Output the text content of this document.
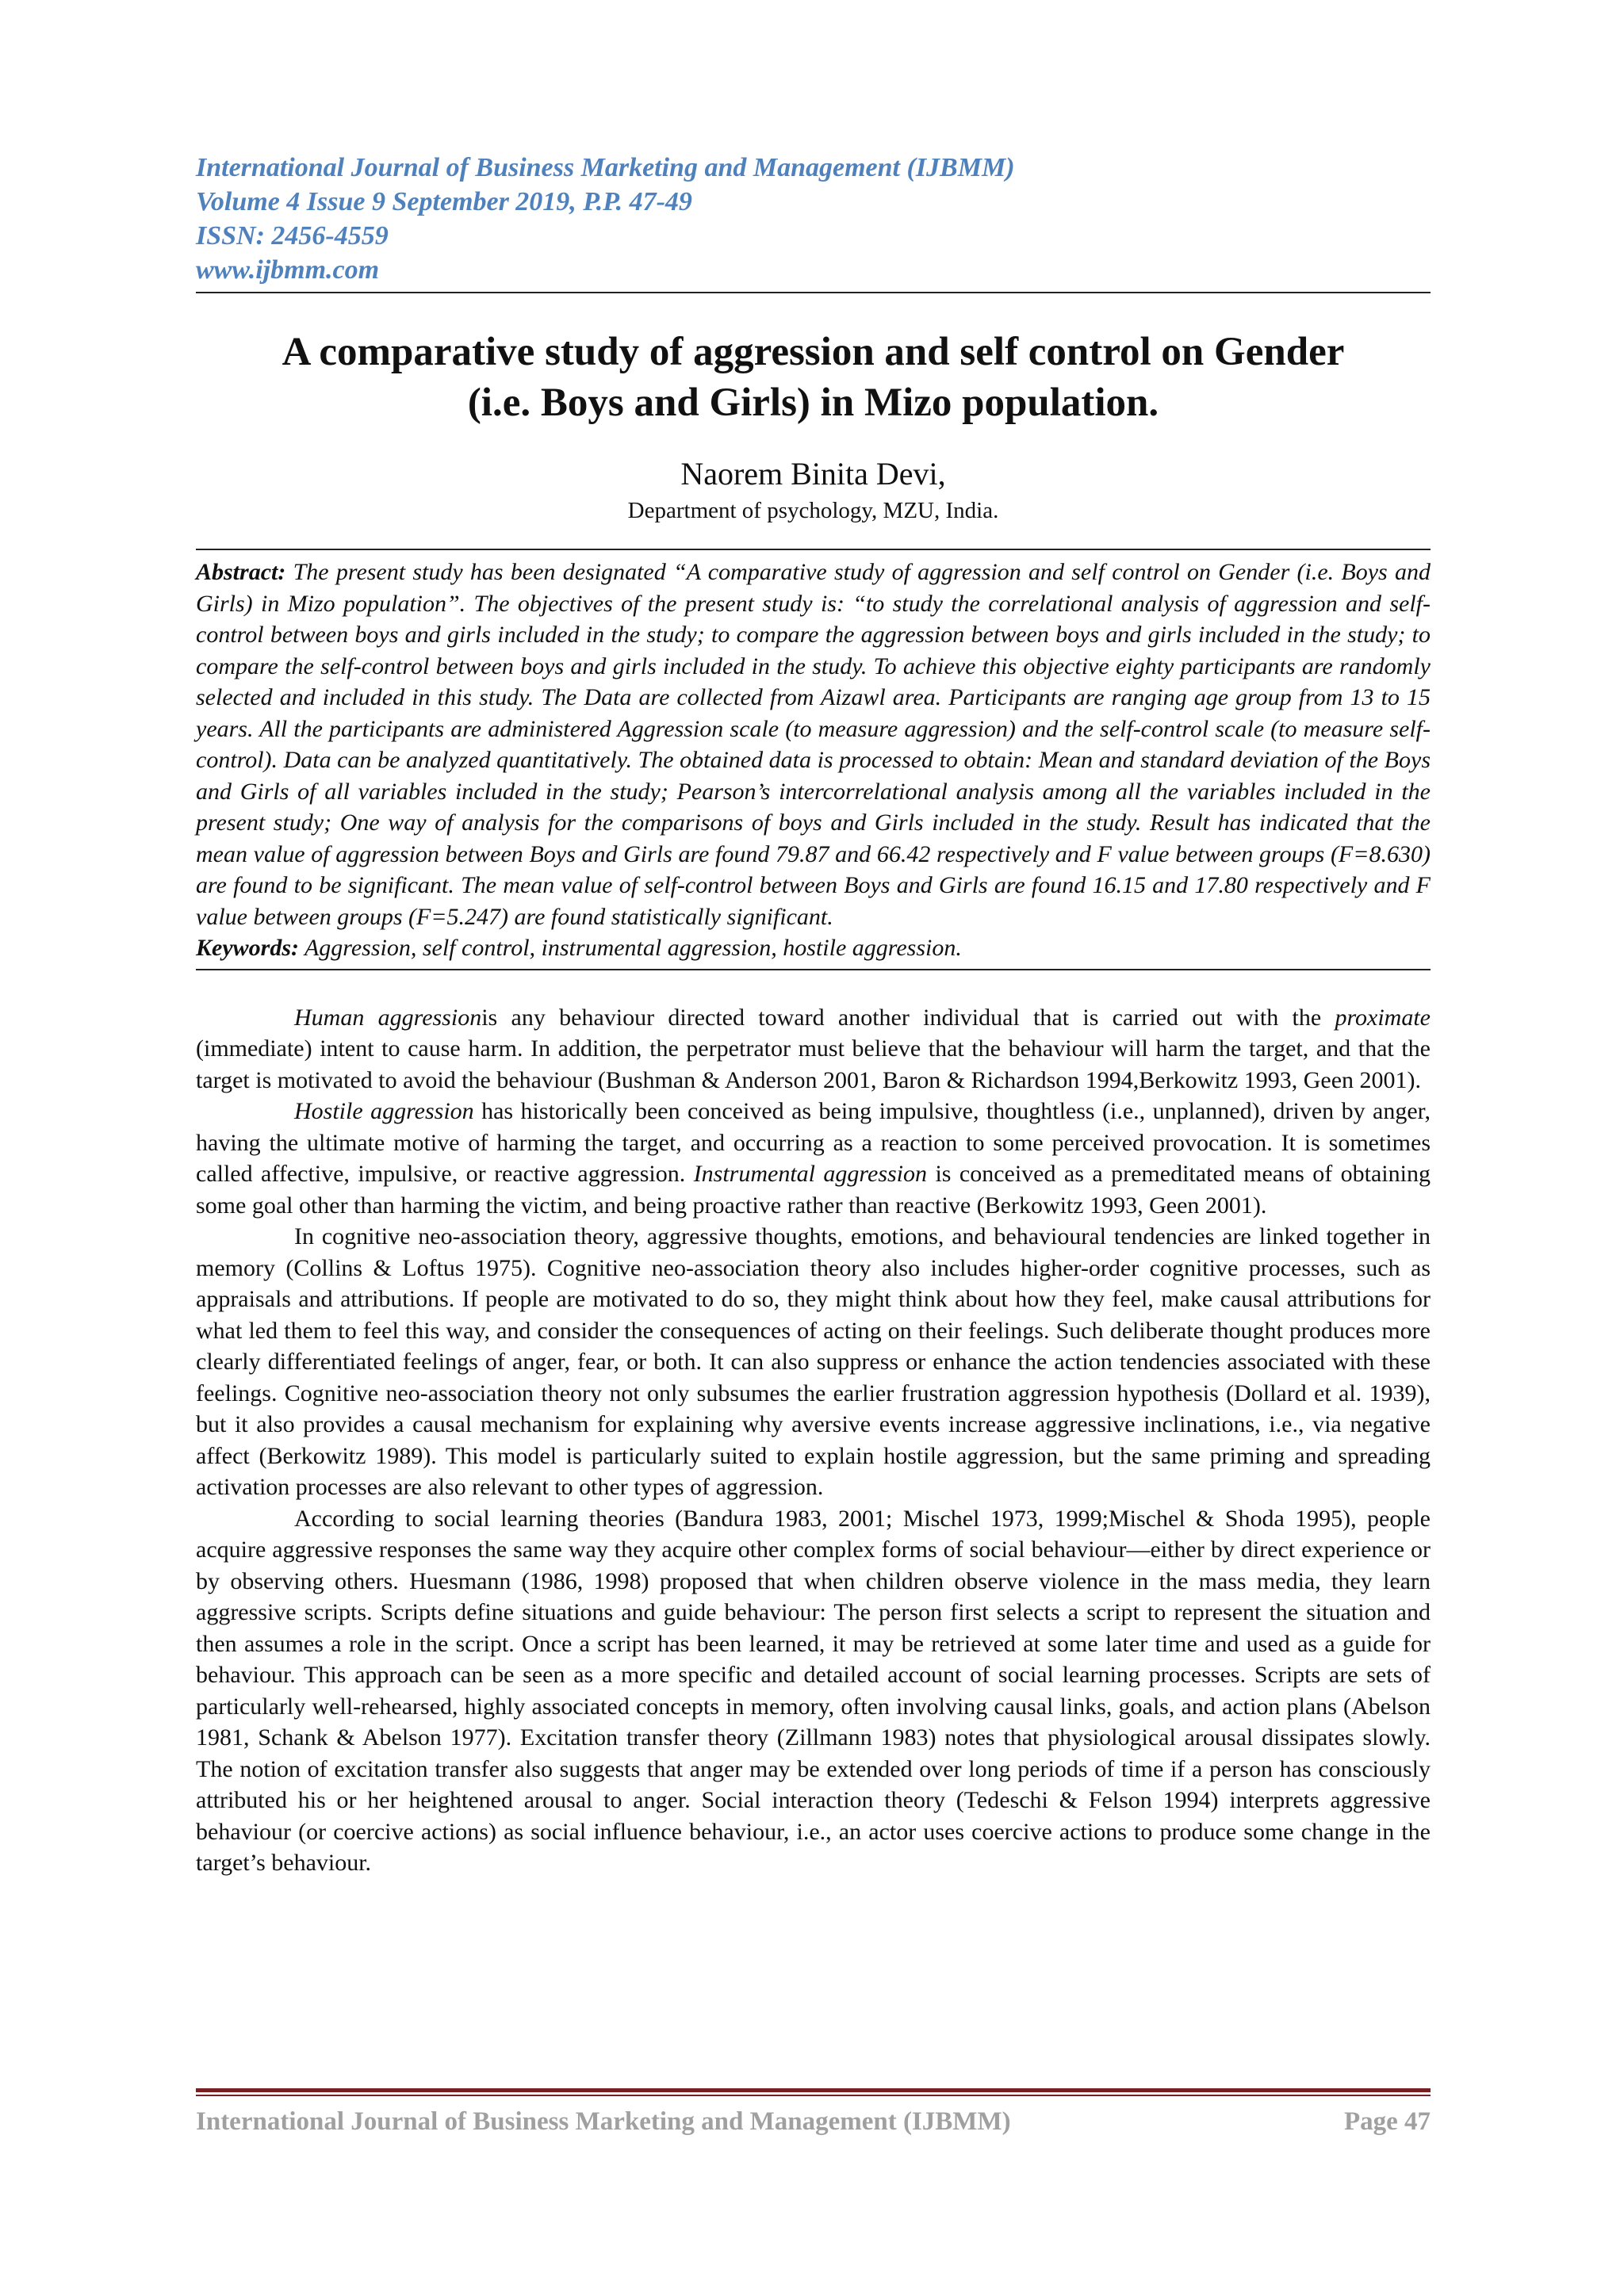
International Journal of Business Marketing and Management (IJBMM)
Volume 4 Issue 9 September 2019, P.P. 47-49
ISSN: 2456-4559
www.ijbmm.com
A comparative study of aggression and self control on Gender
(i.e. Boys and Girls) in Mizo population.
Naorem Binita Devi,
Department of psychology, MZU, India.
Abstract: The present study has been designated “A comparative study of aggression and self control on Gender (i.e. Boys and Girls) in Mizo population”. The objectives of the present study is: “to study the correlational analysis of aggression and self-control between boys and girls included in the study; to compare the aggression between boys and girls included in the study; to compare the self-control between boys and girls included in the study. To achieve this objective eighty participants are randomly selected and included in this study. The Data are collected from Aizawl area. Participants are ranging age group from 13 to 15 years. All the participants are administered Aggression scale (to measure aggression) and the self-control scale (to measure self-control). Data can be analyzed quantitatively. The obtained data is processed to obtain: Mean and standard deviation of the Boys and Girls of all variables included in the study; Pearson’s intercorrelational analysis among all the variables included in the present study; One way of analysis for the comparisons of boys and Girls included in the study. Result has indicated that the mean value of aggression between Boys and Girls are found 79.87 and 66.42 respectively and F value between groups (F=8.630) are found to be significant. The mean value of self-control between Boys and Girls are found 16.15 and 17.80 respectively and F value between groups (F=5.247) are found statistically significant.
Keywords: Aggression, self control, instrumental aggression, hostile aggression.

Human aggressionis any behaviour directed toward another individual that is carried out with the proximate (immediate) intent to cause harm. In addition, the perpetrator must believe that the behaviour will harm the target, and that the target is motivated to avoid the behaviour (Bushman & Anderson 2001, Baron & Richardson 1994,Berkowitz 1993, Geen 2001).

Hostile aggression has historically been conceived as being impulsive, thoughtless (i.e., unplanned), driven by anger, having the ultimate motive of harming the target, and occurring as a reaction to some perceived provocation. It is sometimes called affective, impulsive, or reactive aggression. Instrumental aggression is conceived as a premeditated means of obtaining some goal other than harming the victim, and being proactive rather than reactive (Berkowitz 1993, Geen 2001).

In cognitive neo-association theory, aggressive thoughts, emotions, and behavioural tendencies are linked together in memory (Collins & Loftus 1975). Cognitive neo-association theory also includes higher-order cognitive processes, such as appraisals and attributions. If people are motivated to do so, they might think about how they feel, make causal attributions for what led them to feel this way, and consider the consequences of acting on their feelings. Such deliberate thought produces more clearly differentiated feelings of anger, fear, or both. It can also suppress or enhance the action tendencies associated with these feelings. Cognitive neo-association theory not only subsumes the earlier frustration aggression hypothesis (Dollard et al. 1939), but it also provides a causal mechanism for explaining why aversive events increase aggressive inclinations, i.e., via negative affect (Berkowitz 1989). This model is particularly suited to explain hostile aggression, but the same priming and spreading activation processes are also relevant to other types of aggression.

According to social learning theories (Bandura 1983, 2001; Mischel 1973, 1999;Mischel & Shoda 1995), people acquire aggressive responses the same way they acquire other complex forms of social behaviour—either by direct experience or by observing others. Huesmann (1986, 1998) proposed that when children observe violence in the mass media, they learn aggressive scripts. Scripts define situations and guide behaviour: The person first selects a script to represent the situation and then assumes a role in the script. Once a script has been learned, it may be retrieved at some later time and used as a guide for behaviour. This approach can be seen as a more specific and detailed account of social learning processes. Scripts are sets of particularly well-rehearsed, highly associated concepts in memory, often involving causal links, goals, and action plans (Abelson 1981, Schank & Abelson 1977). Excitation transfer theory (Zillmann 1983) notes that physiological arousal dissipates slowly. The notion of excitation transfer also suggests that anger may be extended over long periods of time if a person has consciously attributed his or her heightened arousal to anger. Social interaction theory (Tedeschi & Felson 1994) interprets aggressive behaviour (or coercive actions) as social influence behaviour, i.e., an actor uses coercive actions to produce some change in the target’s behaviour.

International Journal of Business Marketing and Management (IJBMM)	Page 47
